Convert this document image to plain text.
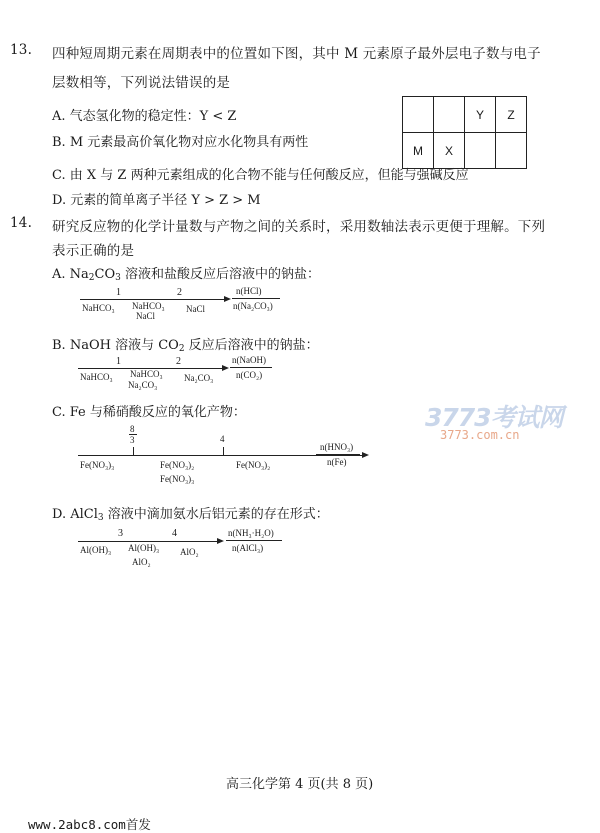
13. 四种短周期元素在周期表中的位置如下图，其中 M 元素原子最外层电子数与电子
层数相等，下列说法错误的是
A. 气态氢化物的稳定性：Y < Z
B. M 元素最高价氧化物对应水化物具有两性
C. 由 X 与 Z 两种元素组成的化合物不能与任何酸反应，但能与强碱反应
D. 元素的简单离子半径 Y > Z > M
		Y	Z
M	X		
14. 研究反应物的化学计量数与产物之间的关系时，采用数轴法表示更便于理解。下列
表示正确的是
A. $Na_2CO_3$ 溶液和盐酸反应后溶液中的钠盐：
1	2
NaHCO₃ NaHCO₃
NaCl
NaCl
n(HCl)
n(Na₂CO₃)
B. NaOH 溶液与 $CO_2$ 反应后溶液中的钠盐：
1	2
NaHCO₃ NaHCO₃
Na₂CO₃
Na₂CO₃
n(NaOH)
n(CO₂)
C. Fe 与稀硝酸反应的氧化产物：
8
3	4
Fe(NO₃)₃	Fe(NO₃)₂
Fe(NO₃)₃
Fe(NO₃)₂
n(HNO₃)
n(Fe)
D. AlCl$_3$ 溶液中滴加氨水后铝元素的存在形式：
3	4
Al(OH)₃ Al(OH)₃
AlO₂
AlO₂
n(NH₃·H₂O)
n(AlCl₃)
3773考试网
3773.com.cn
高三化学第 4 页(共 8 页)
www.2abc8.com首发
